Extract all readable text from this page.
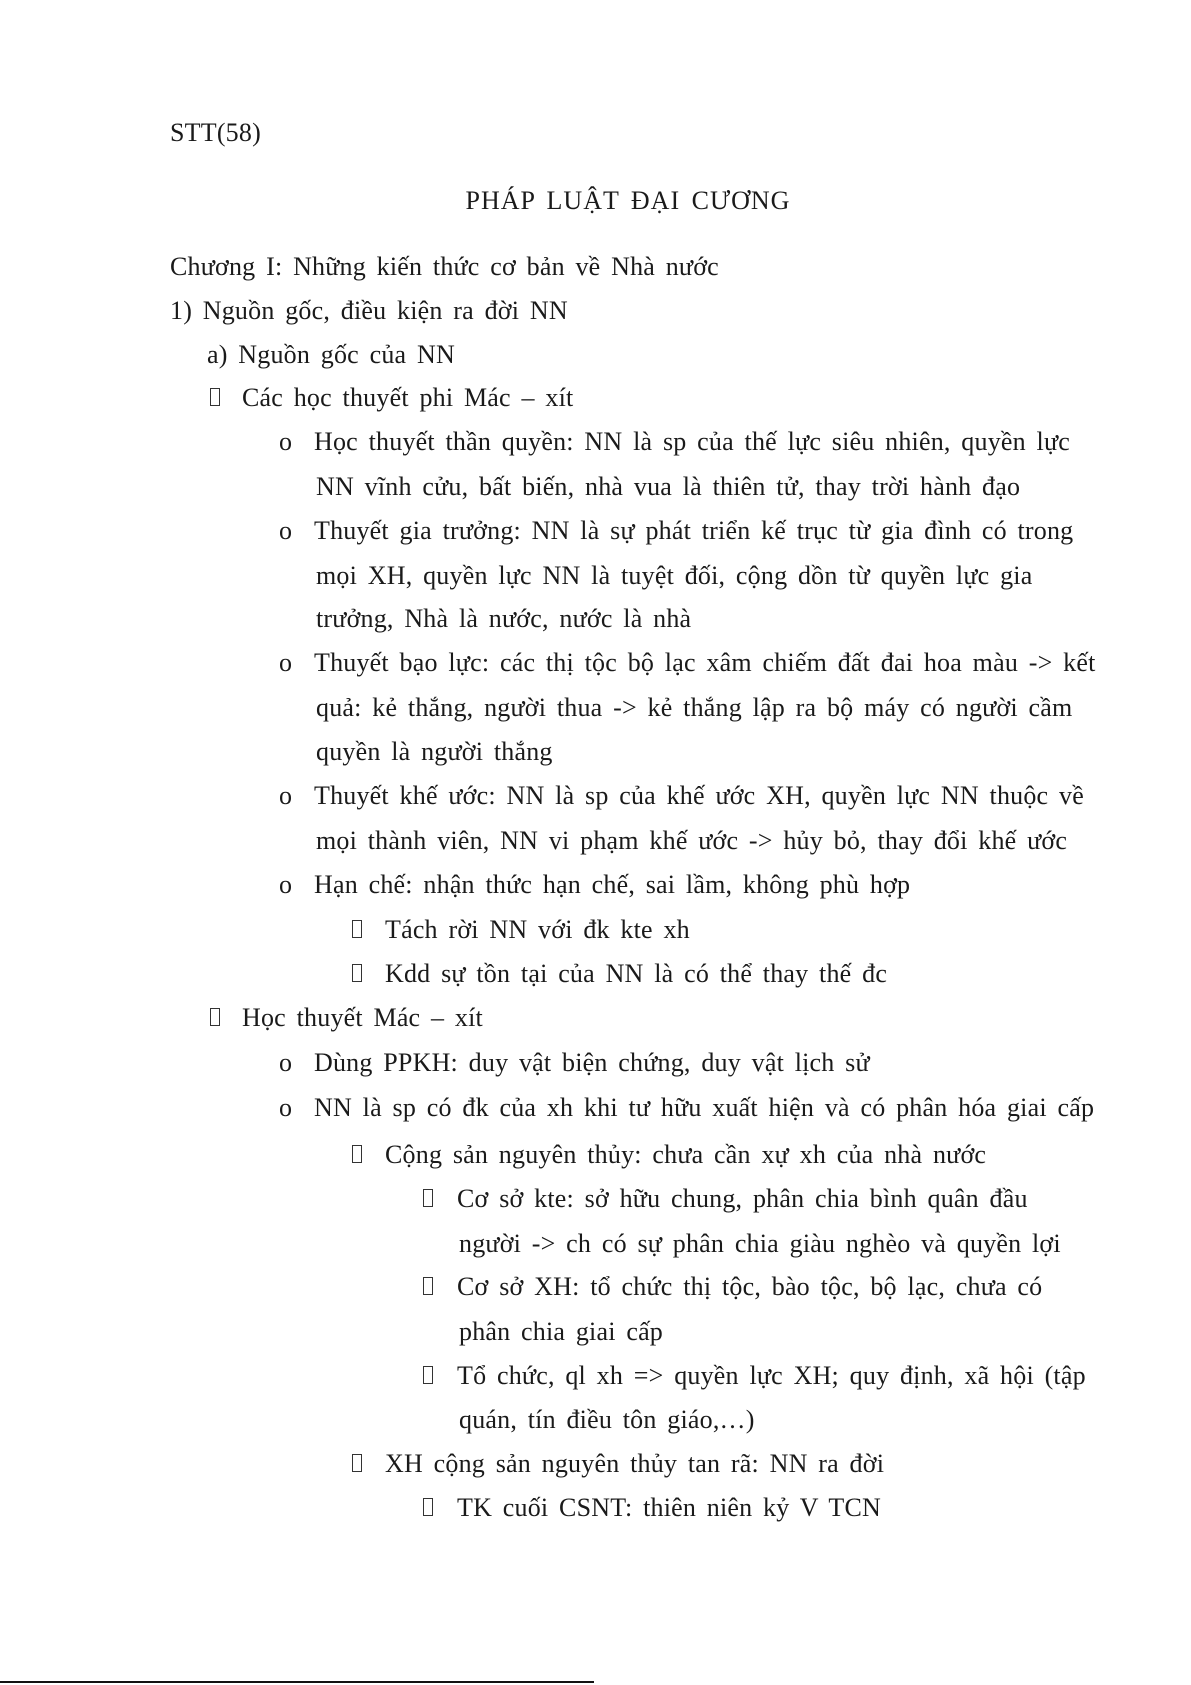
STT(58)
PHÁP LUẬT ĐẠI CƯƠNG
Chương I: Những kiến thức cơ bản về Nhà nước
1) Nguồn gốc, điều kiện ra đời NN
a) Nguồn gốc của NN
Các học thuyết phi Mác – xít
o Học thuyết thần quyền: NN là sp của thế lực siêu nhiên, quyền lực
NN vĩnh cửu, bất biến, nhà vua là thiên tử, thay trời hành đạo
o Thuyết gia trưởng: NN là sự phát triển kế trục từ gia đình có trong
mọi XH, quyền lực NN là tuyệt đối, cộng dồn từ quyền lực gia
trưởng, Nhà là nước, nước là nhà
o Thuyết bạo lực: các thị tộc bộ lạc xâm chiếm đất đai hoa màu -> kết
quả: kẻ thắng, người thua -> kẻ thắng lập ra bộ máy có người cầm
quyền là người thắng
o Thuyết khế ước: NN là sp của khế ước XH, quyền lực NN thuộc về
mọi thành viên, NN vi phạm khế ước -> hủy bỏ, thay đổi khế ước
o Hạn chế: nhận thức hạn chế, sai lầm, không phù hợp
Tách rời NN với đk kte xh
Kdd sự tồn tại của NN là có thể thay thế đc
Học thuyết Mác – xít
o Dùng PPKH: duy vật biện chứng, duy vật lịch sử
o NN là sp có đk của xh khi tư hữu xuất hiện và có phân hóa giai cấp
Cộng sản nguyên thủy: chưa cần xự xh của nhà nước
Cơ sở kte: sở hữu chung, phân chia bình quân đầu
người -> ch có sự phân chia giàu nghèo và quyền lợi
Cơ sở XH: tổ chức thị tộc, bào tộc, bộ lạc, chưa có
phân chia giai cấp
Tổ chức, ql xh => quyền lực XH; quy định, xã hội (tập
quán, tín điều tôn giáo,…)
XH cộng sản nguyên thủy tan rã: NN ra đời
TK cuối CSNT: thiên niên kỷ V TCN
